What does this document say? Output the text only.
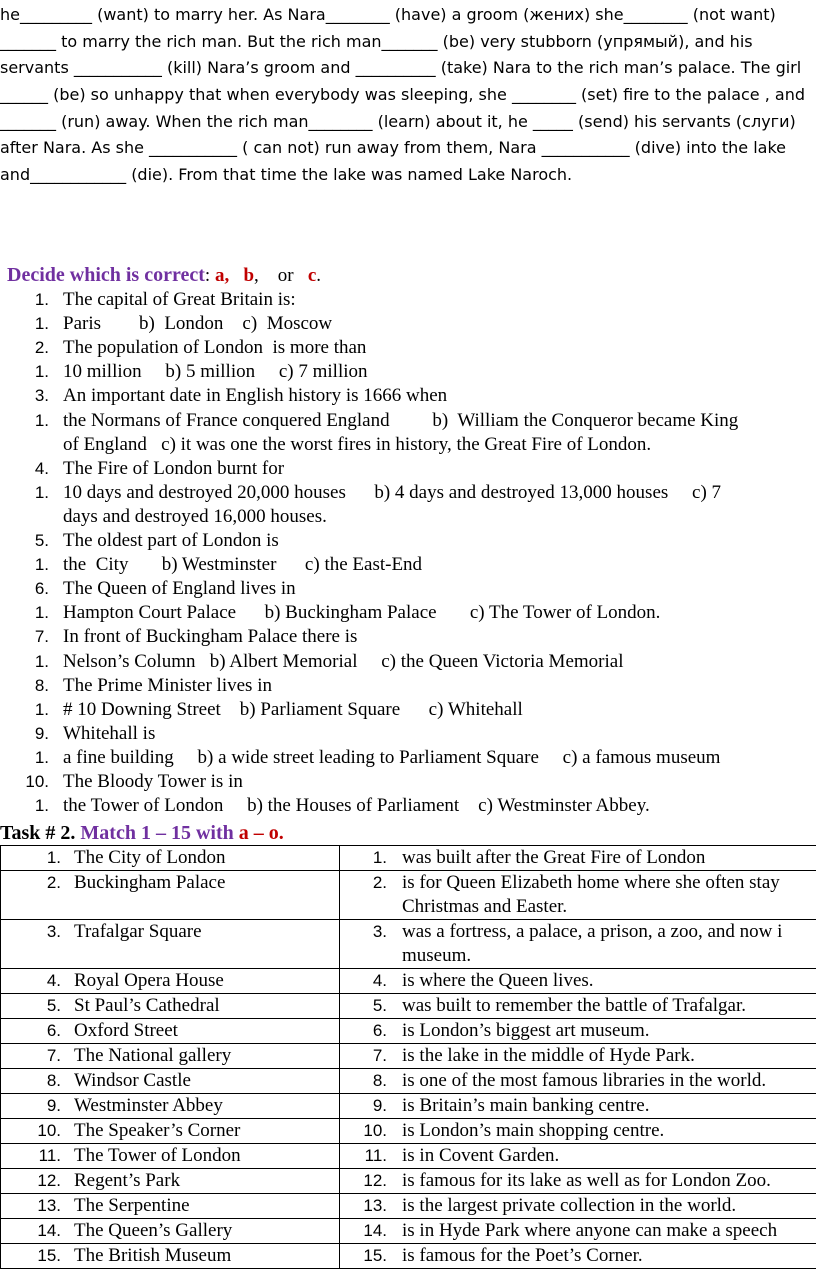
he_________ (want) to marry her. As Nara________ (have) a groom (жених) she________ (not want)
_______ to marry the rich man. But the rich man_______ (be) very stubborn (упрямый), and his
servants ___________ (kill) Nara’s groom and __________ (take) Nara to the rich man’s palace. The girl
______ (be) so unhappy that when everybody was sleeping, she ________ (set) fire to the palace , and
_______ (run) away. When the rich man________ (learn) about it, he _____ (send) his servants (слуги)
after Nara. As she ___________ ( can not) run away from them, Nara ___________ (dive) into the lake
and____________ (die). From that time the lake was named Lake Naroch.
Decide which is correct: a, b,    or   c.
1. The capital of Great Britain is:
1. Paris        b)  London    c)  Moscow
2. The population of London  is more than
1. 10 million     b) 5 million     c) 7 million
3. An important date in English history is 1666 when
1. the Normans of France conquered England         b)  William the Conqueror became King
of England   c) it was one the worst fires in history, the Great Fire of London.
4. The Fire of London burnt for
1. 10 days and destroyed 20,000 houses      b) 4 days and destroyed 13,000 houses     c) 7
days and destroyed 16,000 houses.
5. The oldest part of London is
1. the  City       b) Westminster      c) the East-End
6. The Queen of England lives in
1. Hampton Court Palace      b) Buckingham Palace       c) The Tower of London.
7. In front of Buckingham Palace there is
1. Nelson’s Column   b) Albert Memorial     c) the Queen Victoria Memorial
8. The Prime Minister lives in
1. # 10 Downing Street    b) Parliament Square      c) Whitehall
9. Whitehall is
1. a fine building     b) a wide street leading to Parliament Square     c) a famous museum
10. The Bloody Tower is in
1. the Tower of London     b) the Houses of Parliament    c) Westminster Abbey.
Task # 2. Match 1 – 15 with a – o.
1. The City of London	1. was built after the Great Fire of London

2. Buckingham Palace	2. is for Queen Elizabeth home where she often stay
Christmas and Easter.

3. Trafalgar Square	3. was a fortress, a palace, a prison, a zoo, and now i
museum.

4. Royal Opera House	4. is where the Queen lives.

5. St Paul’s Cathedral	5. was built to remember the battle of Trafalgar.

6. Oxford Street	6. is London’s biggest art museum.

7. The National gallery	7. is the lake in the middle of Hyde Park.

8. Windsor Castle	8. is one of the most famous libraries in the world.

9. Westminster Abbey	9. is Britain’s main banking centre.

10. The Speaker’s Corner	10. is London’s main shopping centre.

11. The Tower of London	11. is in Covent Garden.

12. Regent’s Park	12. is famous for its lake as well as for London Zoo.

13. The Serpentine	13. is the largest private collection in the world.

14. The Queen’s Gallery	14. is in Hyde Park where anyone can make a speech

15. The British Museum	15. is famous for the Poet’s Corner.
